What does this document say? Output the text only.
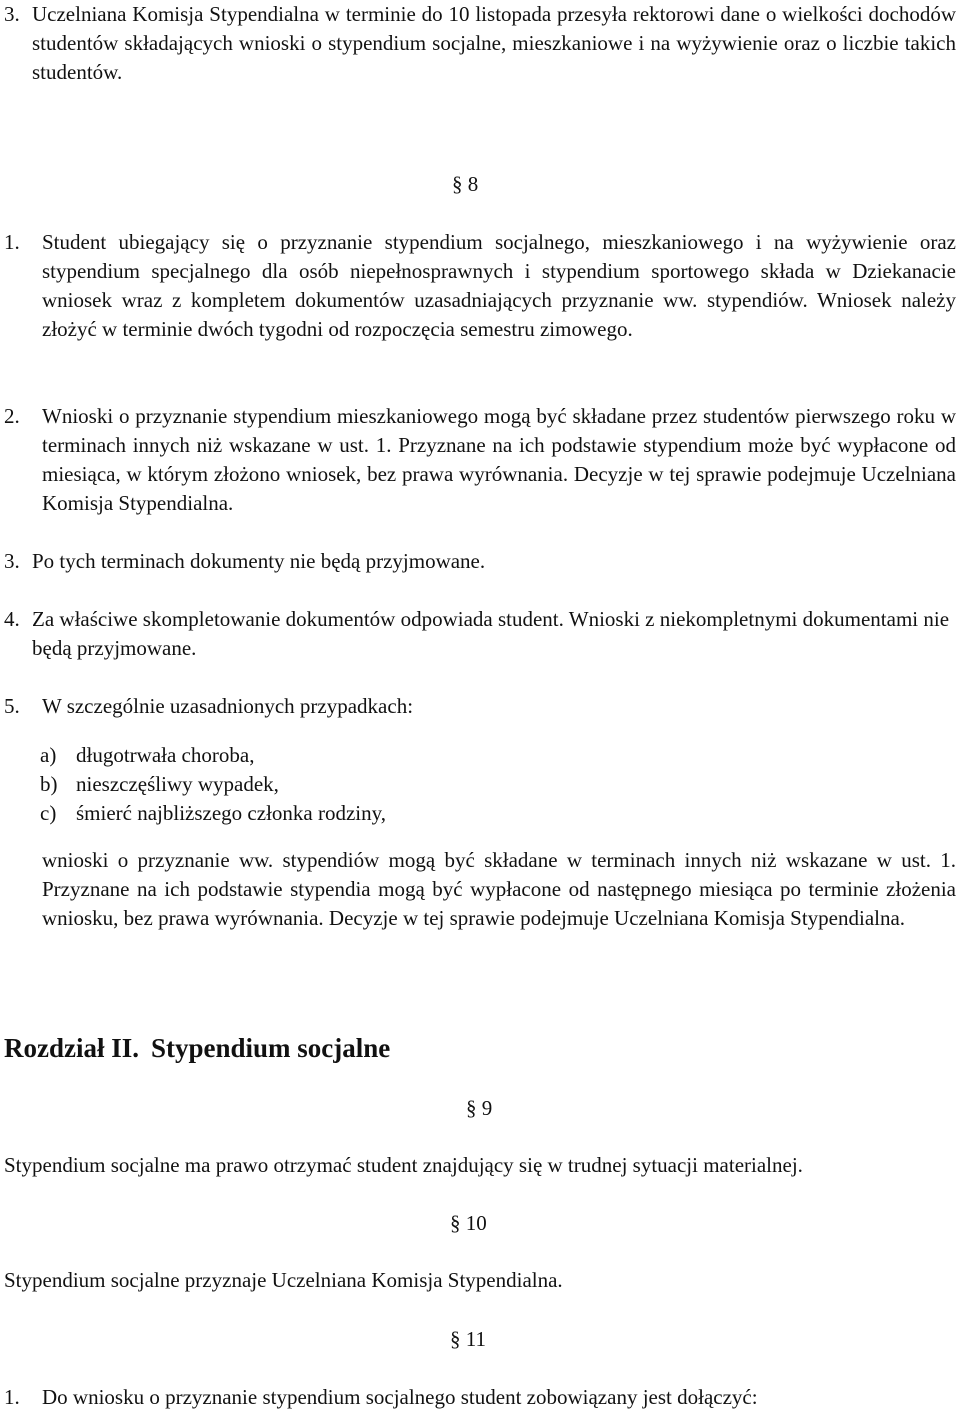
3. Uczelniana Komisja Stypendialna w terminie do 10 listopada przesyła rektorowi dane o wielkości dochodów studentów składających wnioski o stypendium socjalne, mieszkaniowe i na wyżywienie oraz o liczbie takich studentów.
§ 8
1.	Student ubiegający się o przyznanie stypendium socjalnego, mieszkaniowego i na wyżywienie oraz stypendium specjalnego dla osób niepełnosprawnych i stypendium sportowego składa w Dziekanacie wniosek wraz z kompletem dokumentów uzasadniających przyznanie ww. stypendiów. Wniosek należy złożyć w terminie dwóch tygodni od rozpoczęcia semestru zimowego.
2.	Wnioski o przyznanie stypendium mieszkaniowego mogą być składane przez studentów pierwszego roku w terminach innych niż wskazane w ust. 1. Przyznane na ich podstawie stypendium może być wypłacone od miesiąca, w którym złożono wniosek, bez prawa wyrównania. Decyzje w tej sprawie podejmuje Uczelniana Komisja Stypendialna.
3. Po tych terminach dokumenty nie będą przyjmowane.
4. Za właściwe skompletowanie dokumentów odpowiada student. Wnioski z niekompletnymi dokumentami nie będą przyjmowane.
5.	W szczególnie uzasadnionych przypadkach:
a) długotrwała choroba,
b) nieszczęśliwy wypadek,
c) śmierć najbliższego członka rodziny,
wnioski o przyznanie ww. stypendiów mogą być składane w terminach innych niż wskazane w ust. 1. Przyznane na ich podstawie stypendia mogą być wypłacone od następnego miesiąca po terminie złożenia wniosku, bez prawa wyrównania. Decyzje w tej sprawie podejmuje Uczelniana Komisja Stypendialna.
Rozdział II. Stypendium socjalne
§ 9
Stypendium socjalne ma prawo otrzymać student znajdujący się w trudnej sytuacji materialnej.
§ 10
Stypendium socjalne przyznaje Uczelniana Komisja Stypendialna.
§ 11
1.	Do wniosku o przyznanie stypendium socjalnego student zobowiązany jest dołączyć:
